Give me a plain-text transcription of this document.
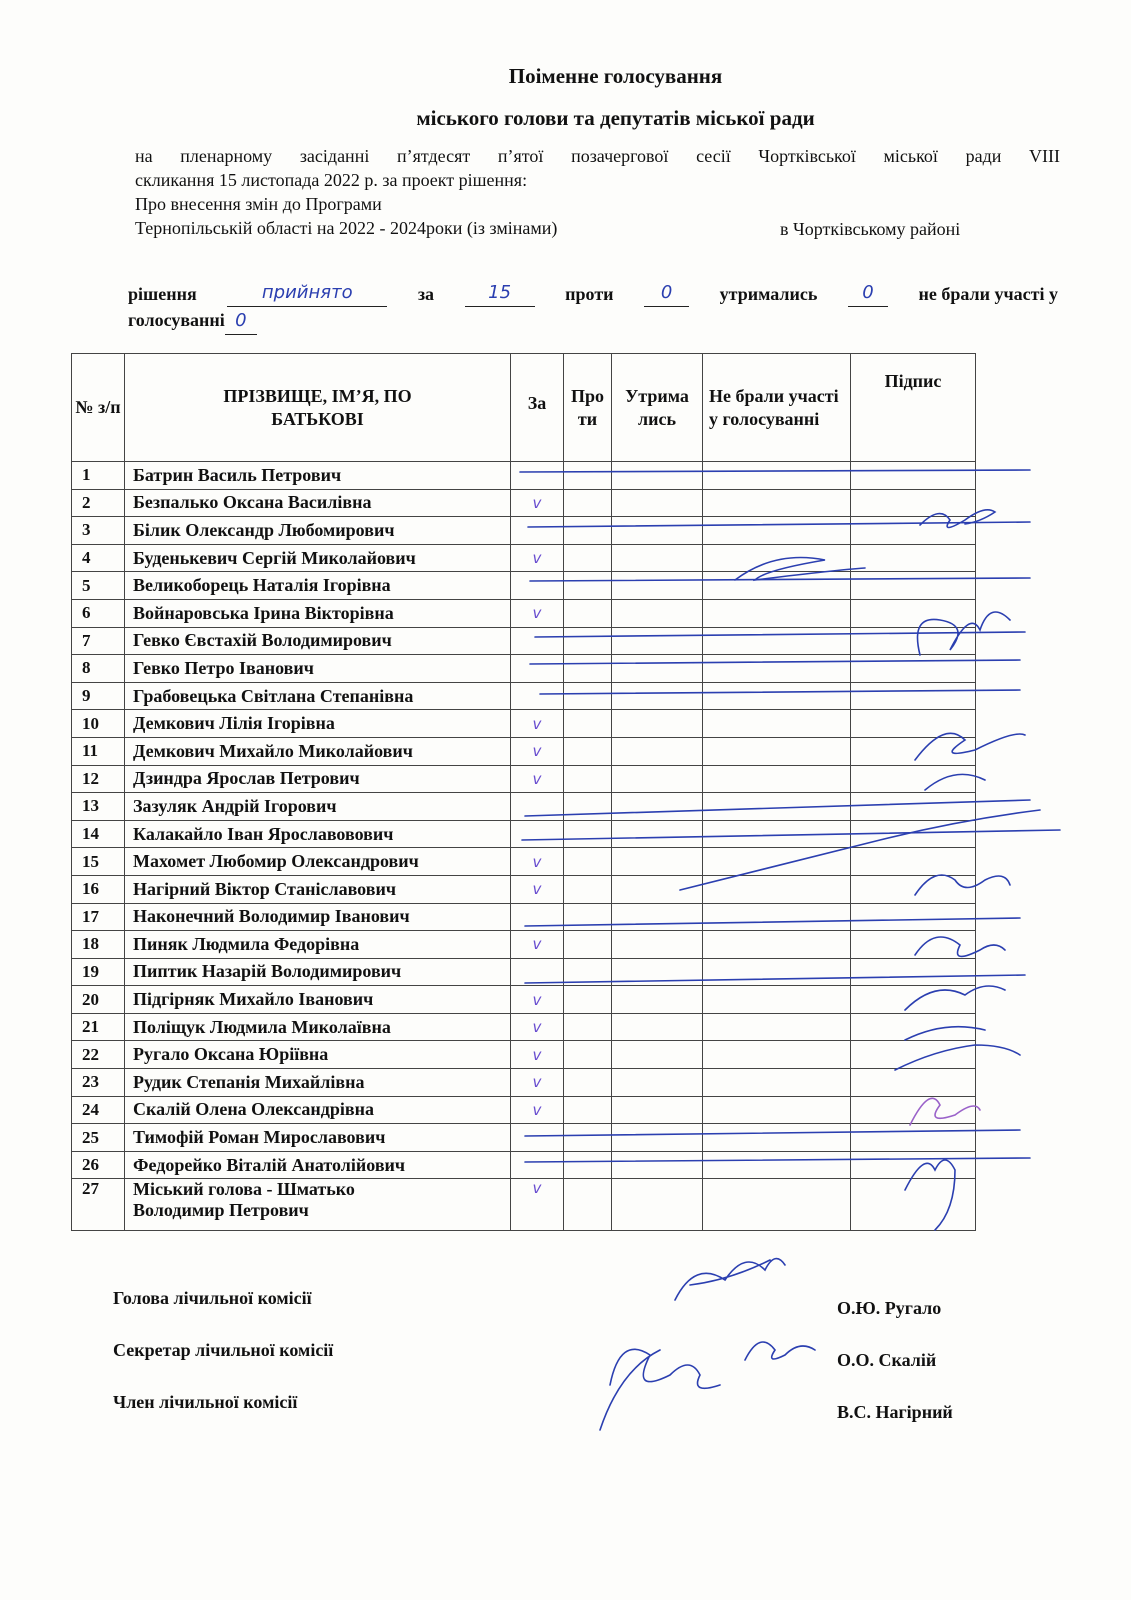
Поіменне голосування
міського голови та депутатів міської ради
на пленарному засіданні п’ятдесят п’ятої позачергової сесії Чортківської міської ради VIII
скликання 15 листопада 2022 р. за проект рішення:
Про внесення змін до Програми
Тернопільській області на 2022 - 2024роки (із змінами)	в Чортківському районі
рішення	прийнято	за	15	проти	0	утримались	0	не брали участі у
голосуванні 0
№ з/п	ПРІЗВИЩЕ, ІМ’Я, ПО БАТЬКОВІ	За	Про ти	Утрима лись	Не брали участі у голосуванні	Підпис
1	Батрин Василь Петрович					
2	Безпалько Оксана Василівна	v				
3	Білик Олександр Любомирович					
4	Буденькевич Сергій Миколайович	v				
5	Великоборець Наталія Ігорівна					
6	Войнаровська Ірина Вікторівна	v				
7	Гевко Євстахій Володимирович					
8	Гевко Петро Іванович					
9	Грабовецька Світлана Степанівна					
10	Демкович Лілія Ігорівна	v				
11	Демкович Михайло Миколайович	v				
12	Дзиндра Ярослав Петрович	v				
13	Зазуляк Андрій Ігорович					
14	Калакайло Іван Ярославовович					
15	Махомет Любомир Олександрович	v				
16	Нагірний Віктор Станіславович	v				
17	Наконечний Володимир Іванович					
18	Пиняк Людмила Федорівна	v				
19	Пиптик Назарій Володимирович					
20	Підгірняк Михайло Іванович	v				
21	Поліщук Людмила Миколаївна	v				
22	Ругало Оксана Юріївна	v				
23	Рудик Степанія Михайлівна	v				
24	Скалій Олена Олександрівна	v				
25	Тимофій Роман Мирославович					
26	Федорейко Віталій Анатолійович					
27	Міський голова - Шматько
Володимир Петрович	v				
Голова лічильної комісії
Секретар лічильної комісії
Член лічильної комісії
О.Ю. Ругало
О.О. Скалій
В.С. Нагірний
